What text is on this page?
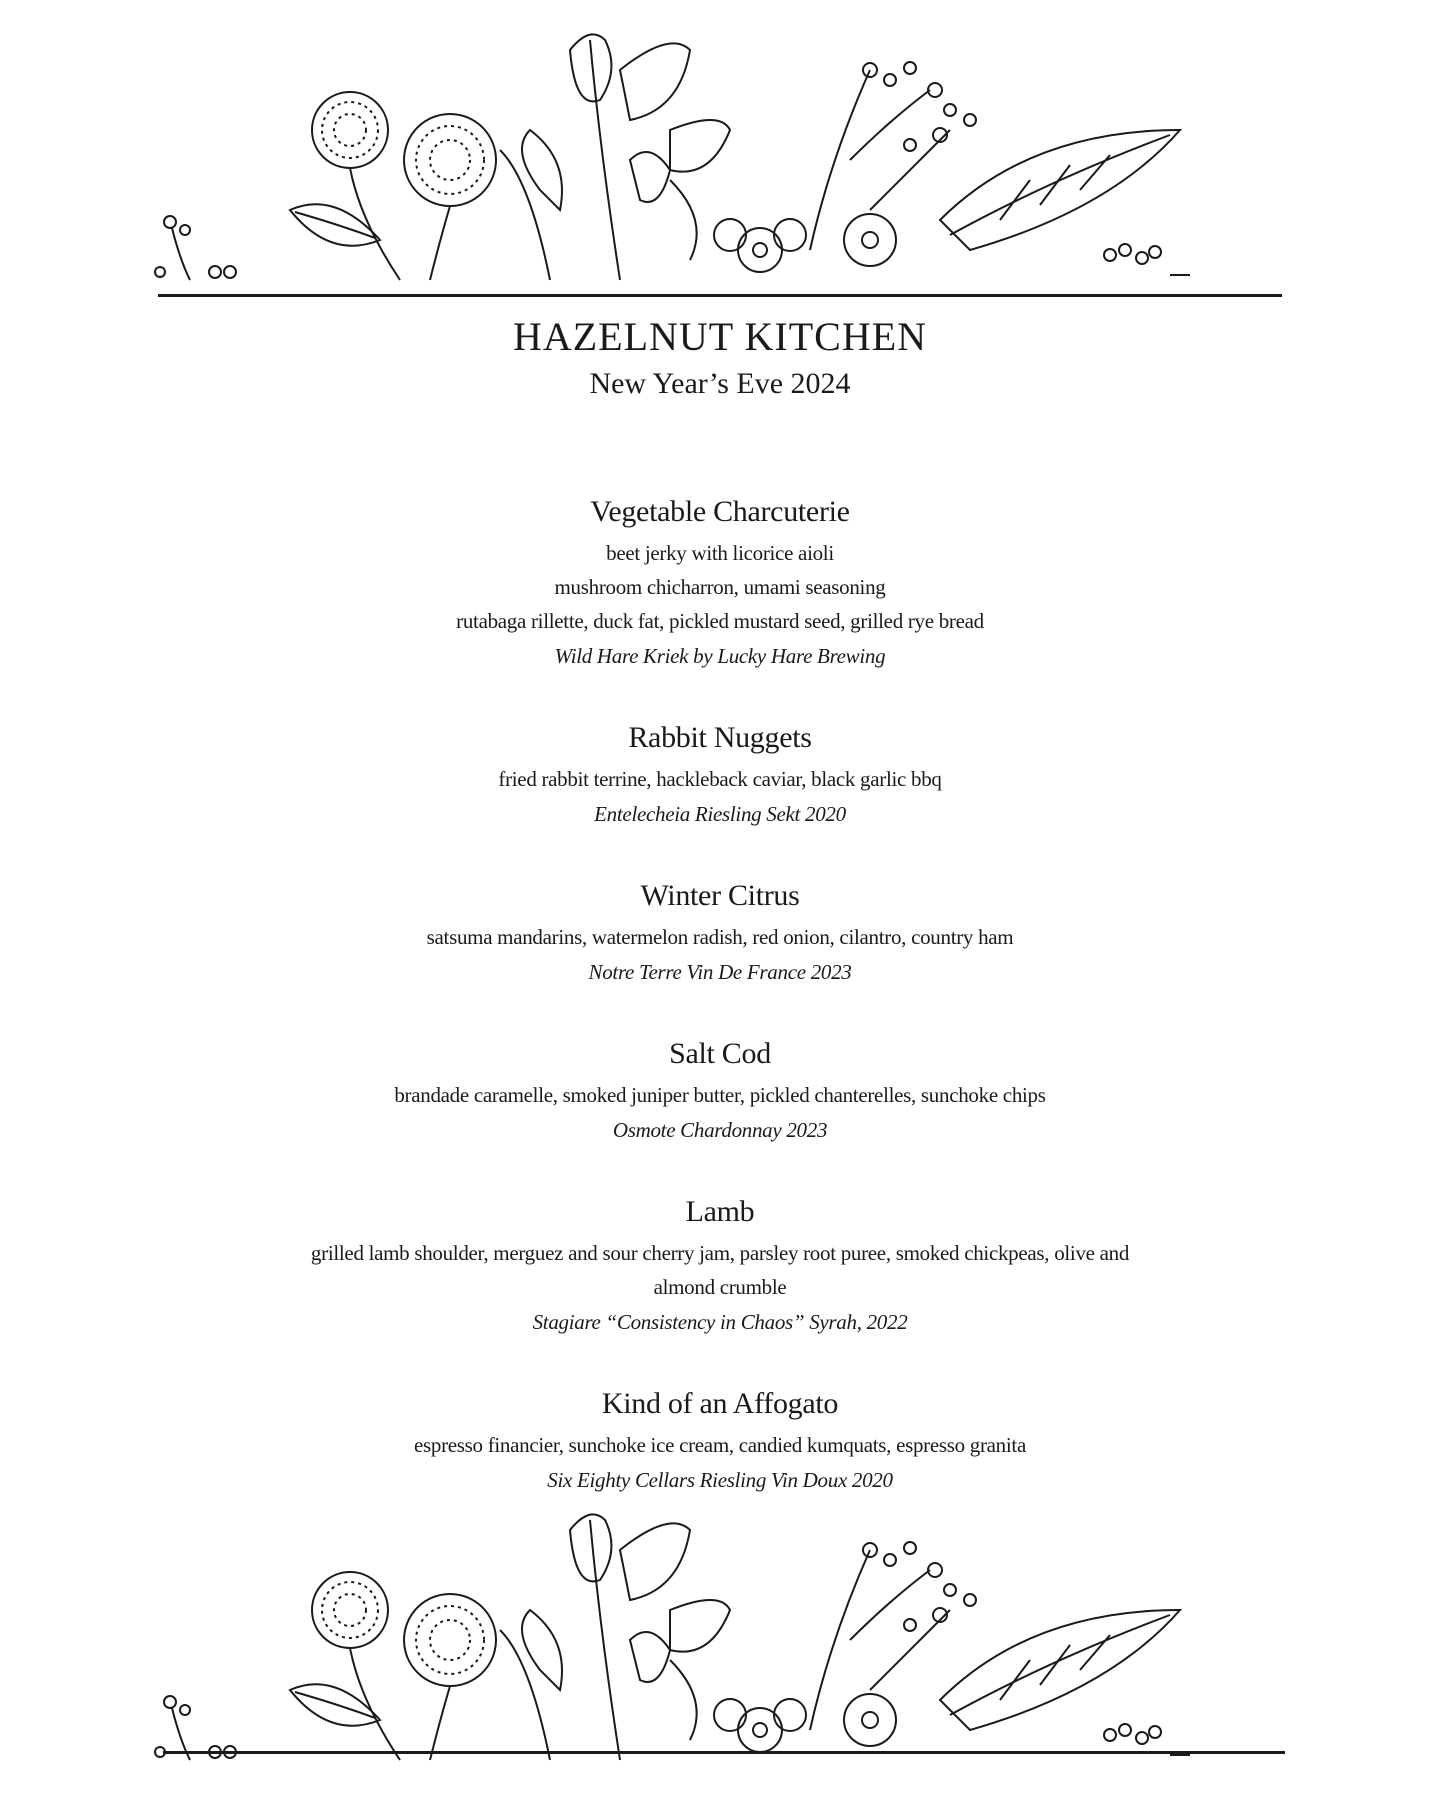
HAZELNUT KITCHEN
New Year’s Eve 2024
Vegetable Charcuterie
beet jerky with licorice aioli
mushroom chicharron, umami seasoning
rutabaga rillette, duck fat, pickled mustard seed, grilled rye bread
Wild Hare Kriek by Lucky Hare Brewing
Rabbit Nuggets
fried rabbit terrine, hackleback caviar, black garlic bbq
Entelecheia Riesling Sekt 2020
Winter Citrus
satsuma mandarins, watermelon radish, red onion, cilantro, country ham
Notre Terre Vin De France 2023
Salt Cod
brandade caramelle, smoked juniper butter, pickled chanterelles, sunchoke chips
Osmote Chardonnay 2023
Lamb
grilled lamb shoulder, merguez and sour cherry jam, parsley root puree, smoked chickpeas, olive and
almond crumble
Stagiare “Consistency in Chaos” Syrah, 2022
Kind of an Affogato
espresso financier, sunchoke ice cream, candied kumquats, espresso granita
Six Eighty Cellars Riesling Vin Doux 2020
